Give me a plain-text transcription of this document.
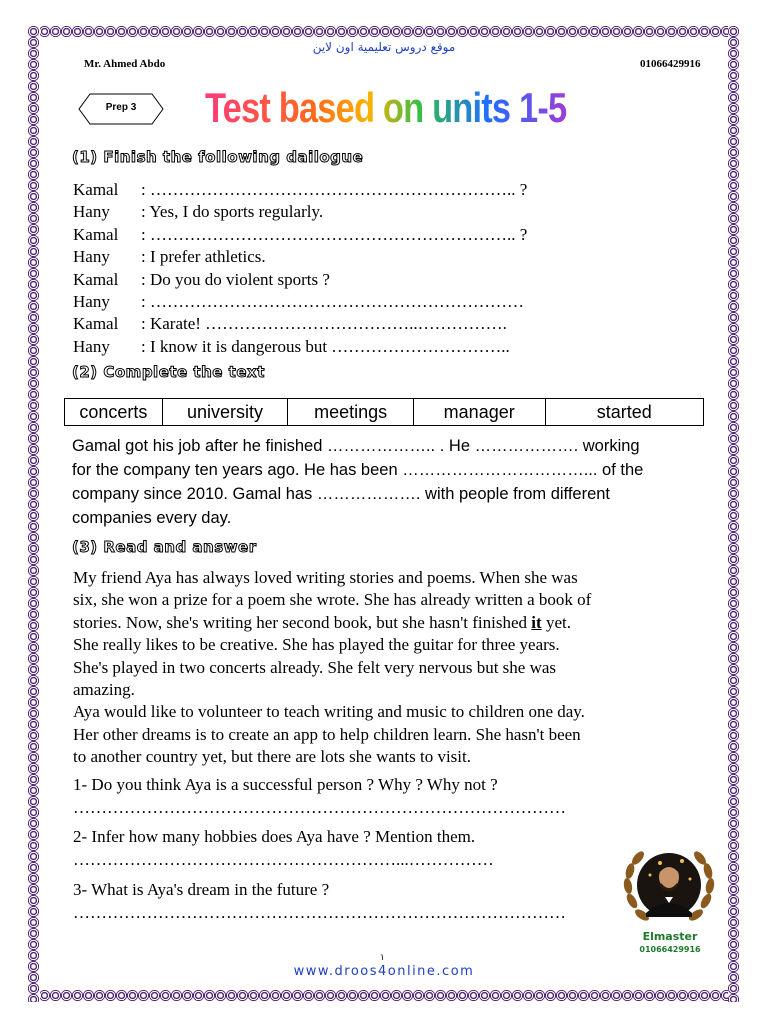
Mr. Ahmed Abdo	01066429916
موقع دروس تعليمية اون لاين
Prep 3	Test based on units 1-5
(1) Finish the following dailogue
Kamal : ……………………………………………………….. ?
Hany : Yes, I do sports regularly.
Kamal : ……………………………………………………….. ?
Hany : I prefer athletics.
Kamal : Do you do violent sports ?
Hany : …………………………………………………………
Kamal : Karate! ………………………………..…………….
Hany : I know it is dangerous but …………………………..
(2) Complete the text
concerts	university	meetings	manager	started
Gamal got his job after he finished ……………….. . He ………………. working
for the company ten years ago. He has been ……………………………... of the
company since 2010. Gamal has ………………. with people from different
companies every day.
(3) Read and answer
My friend Aya has always loved writing stories and poems. When she was
six, she won a prize for a poem she wrote. She has already written a book of
stories. Now, she's writing her second book, but she hasn't finished it yet.
She really likes to be creative. She has played the guitar for three years.
She's played in two concerts already. She felt very nervous but she was
amazing.
Aya would like to volunteer to teach writing and music to children one day.
Her other dreams is to create an app to help children learn. She hasn't been
to another country yet, but there are lots she wants to visit.
1- Do you think Aya is a successful person ? Why ? Why not ?
……………………………………………………………………………
2- Infer how many hobbies does Aya have ? Mention them.
…………………………………………………...……………
3- What is Aya's dream in the future ?
……………………………………………………………………………
Elmaster
01066429916
١
www.droos4online.com
